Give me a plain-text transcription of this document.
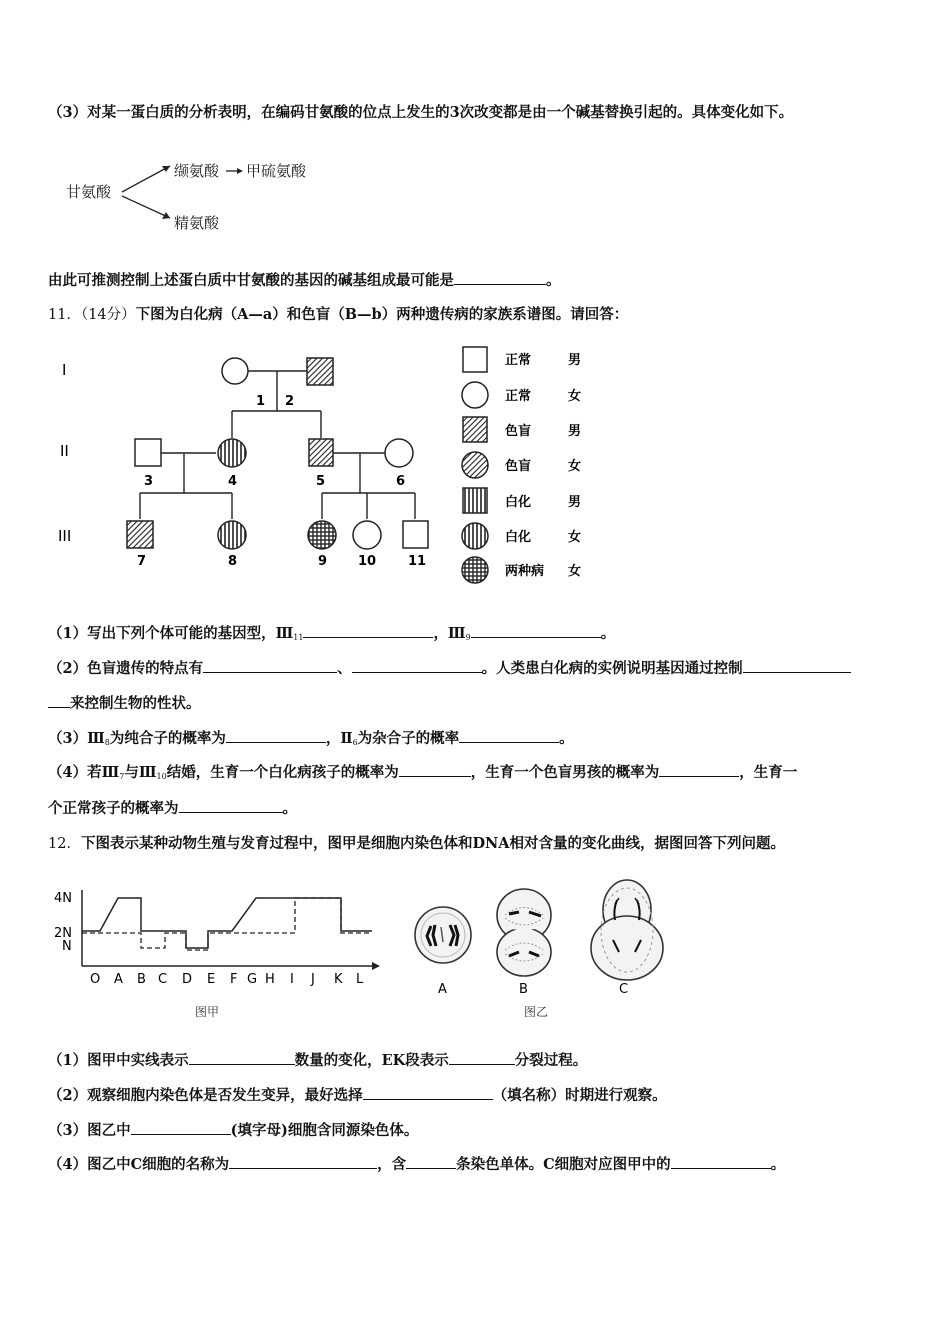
（3）对某一蛋白质的分析表明，在编码甘氨酸的位点上发生的3次改变都是由一个碱基替换引起的。具体变化如下。
甘氨酸
缬氨酸 甲硫氨酸
精氨酸
由此可推测控制上述蛋白质中甘氨酸的基因的碱基组成最可能是	。
11．（14分）下图为白化病（A—a）和色盲（B—b）两种遗传病的家族系谱图。请回答：
I
II
III
1 2
3	4	5	6
7	8	9 10 11
正常	男
正常	女
色盲	男
色盲	女
白化	男
白化	女
两种病 女
（1）写出下列个体可能的基因型，$Ⅲ_{11}$	，$Ⅲ_9$	。
（2）色盲遗传的特点有	、	。人类患白化病的实例说明基因通过控制
来控制生物的性状。
$(3)Ⅲ_8$为纯合子的概率为	，$Ⅱ_6$为杂合子的概率	。
（4）若$Ⅲ_7$与$Ⅲ_{10}$结婚，生育一个白化病孩子的概率为	，生育一个色盲男孩的概率为	，生育一
个正常孩子的概率为	。
12．下图表示某种动物生殖与发育过程中，图甲是细胞内染色体和DNA相对含量的变化曲线，据图回答下列问题。
4N
2N
N
O A B C D E F G H I J K L
图甲
A	B	C
图乙
（1）图甲中实线表示	数量的变化，EK段表示	分裂过程。
（2）观察细胞内染色体是否发生变异，最好选择	（填名称）时期进行观察。
（3）图乙中	(填字母)细胞含同源染色体。
（4）图乙中C细胞的名称为	，含	条染色单体。C细胞对应图甲中的	。
